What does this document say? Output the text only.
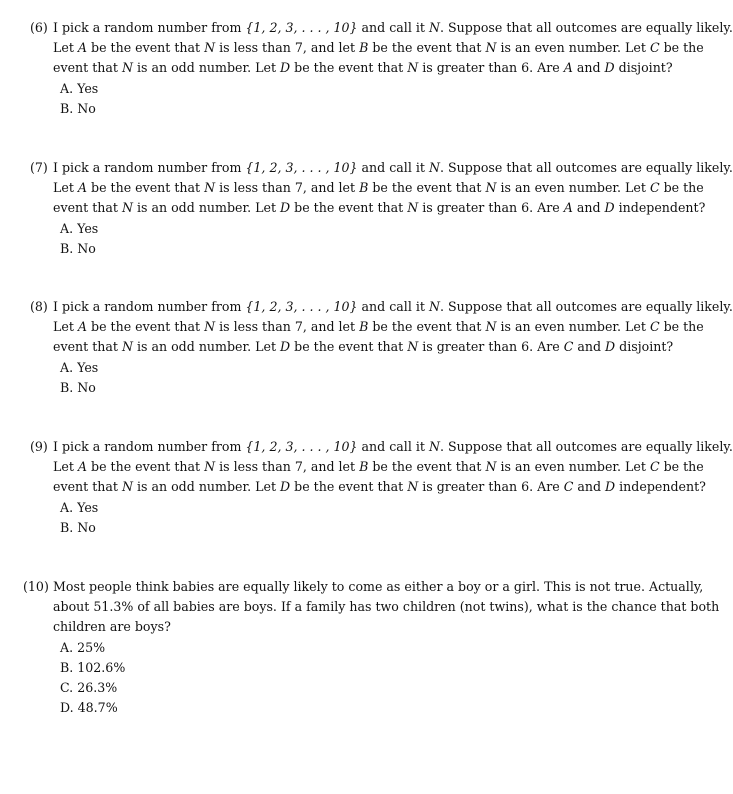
(6) I pick a random number from {1, 2, 3, . . . , 10} and call it N. Suppose that all outcomes are equally likely.
Let A be the event that N is less than 7, and let B be the event that N is an even number. Let C be the
event that N is an odd number. Let D be the event that N is greater than 6. Are A and D disjoint?
A. Yes
B. No
(7) I pick a random number from {1, 2, 3, . . . , 10} and call it N. Suppose that all outcomes are equally likely.
Let A be the event that N is less than 7, and let B be the event that N is an even number. Let C be the
event that N is an odd number. Let D be the event that N is greater than 6. Are A and D independent?
A. Yes
B. No
(8) I pick a random number from {1, 2, 3, . . . , 10} and call it N. Suppose that all outcomes are equally likely.
Let A be the event that N is less than 7, and let B be the event that N is an even number. Let C be the
event that N is an odd number. Let D be the event that N is greater than 6. Are C and D disjoint?
A. Yes
B. No
(9) I pick a random number from {1, 2, 3, . . . , 10} and call it N. Suppose that all outcomes are equally likely.
Let A be the event that N is less than 7, and let B be the event that N is an even number. Let C be the
event that N is an odd number. Let D be the event that N is greater than 6. Are C and D independent?
A. Yes
B. No
(10) Most people think babies are equally likely to come as either a boy or a girl. This is not true. Actually,
about 51.3% of all babies are boys. If a family has two children (not twins), what is the chance that both
children are boys?
A. 25%
B. 102.6%
C. 26.3%
D. 48.7%
